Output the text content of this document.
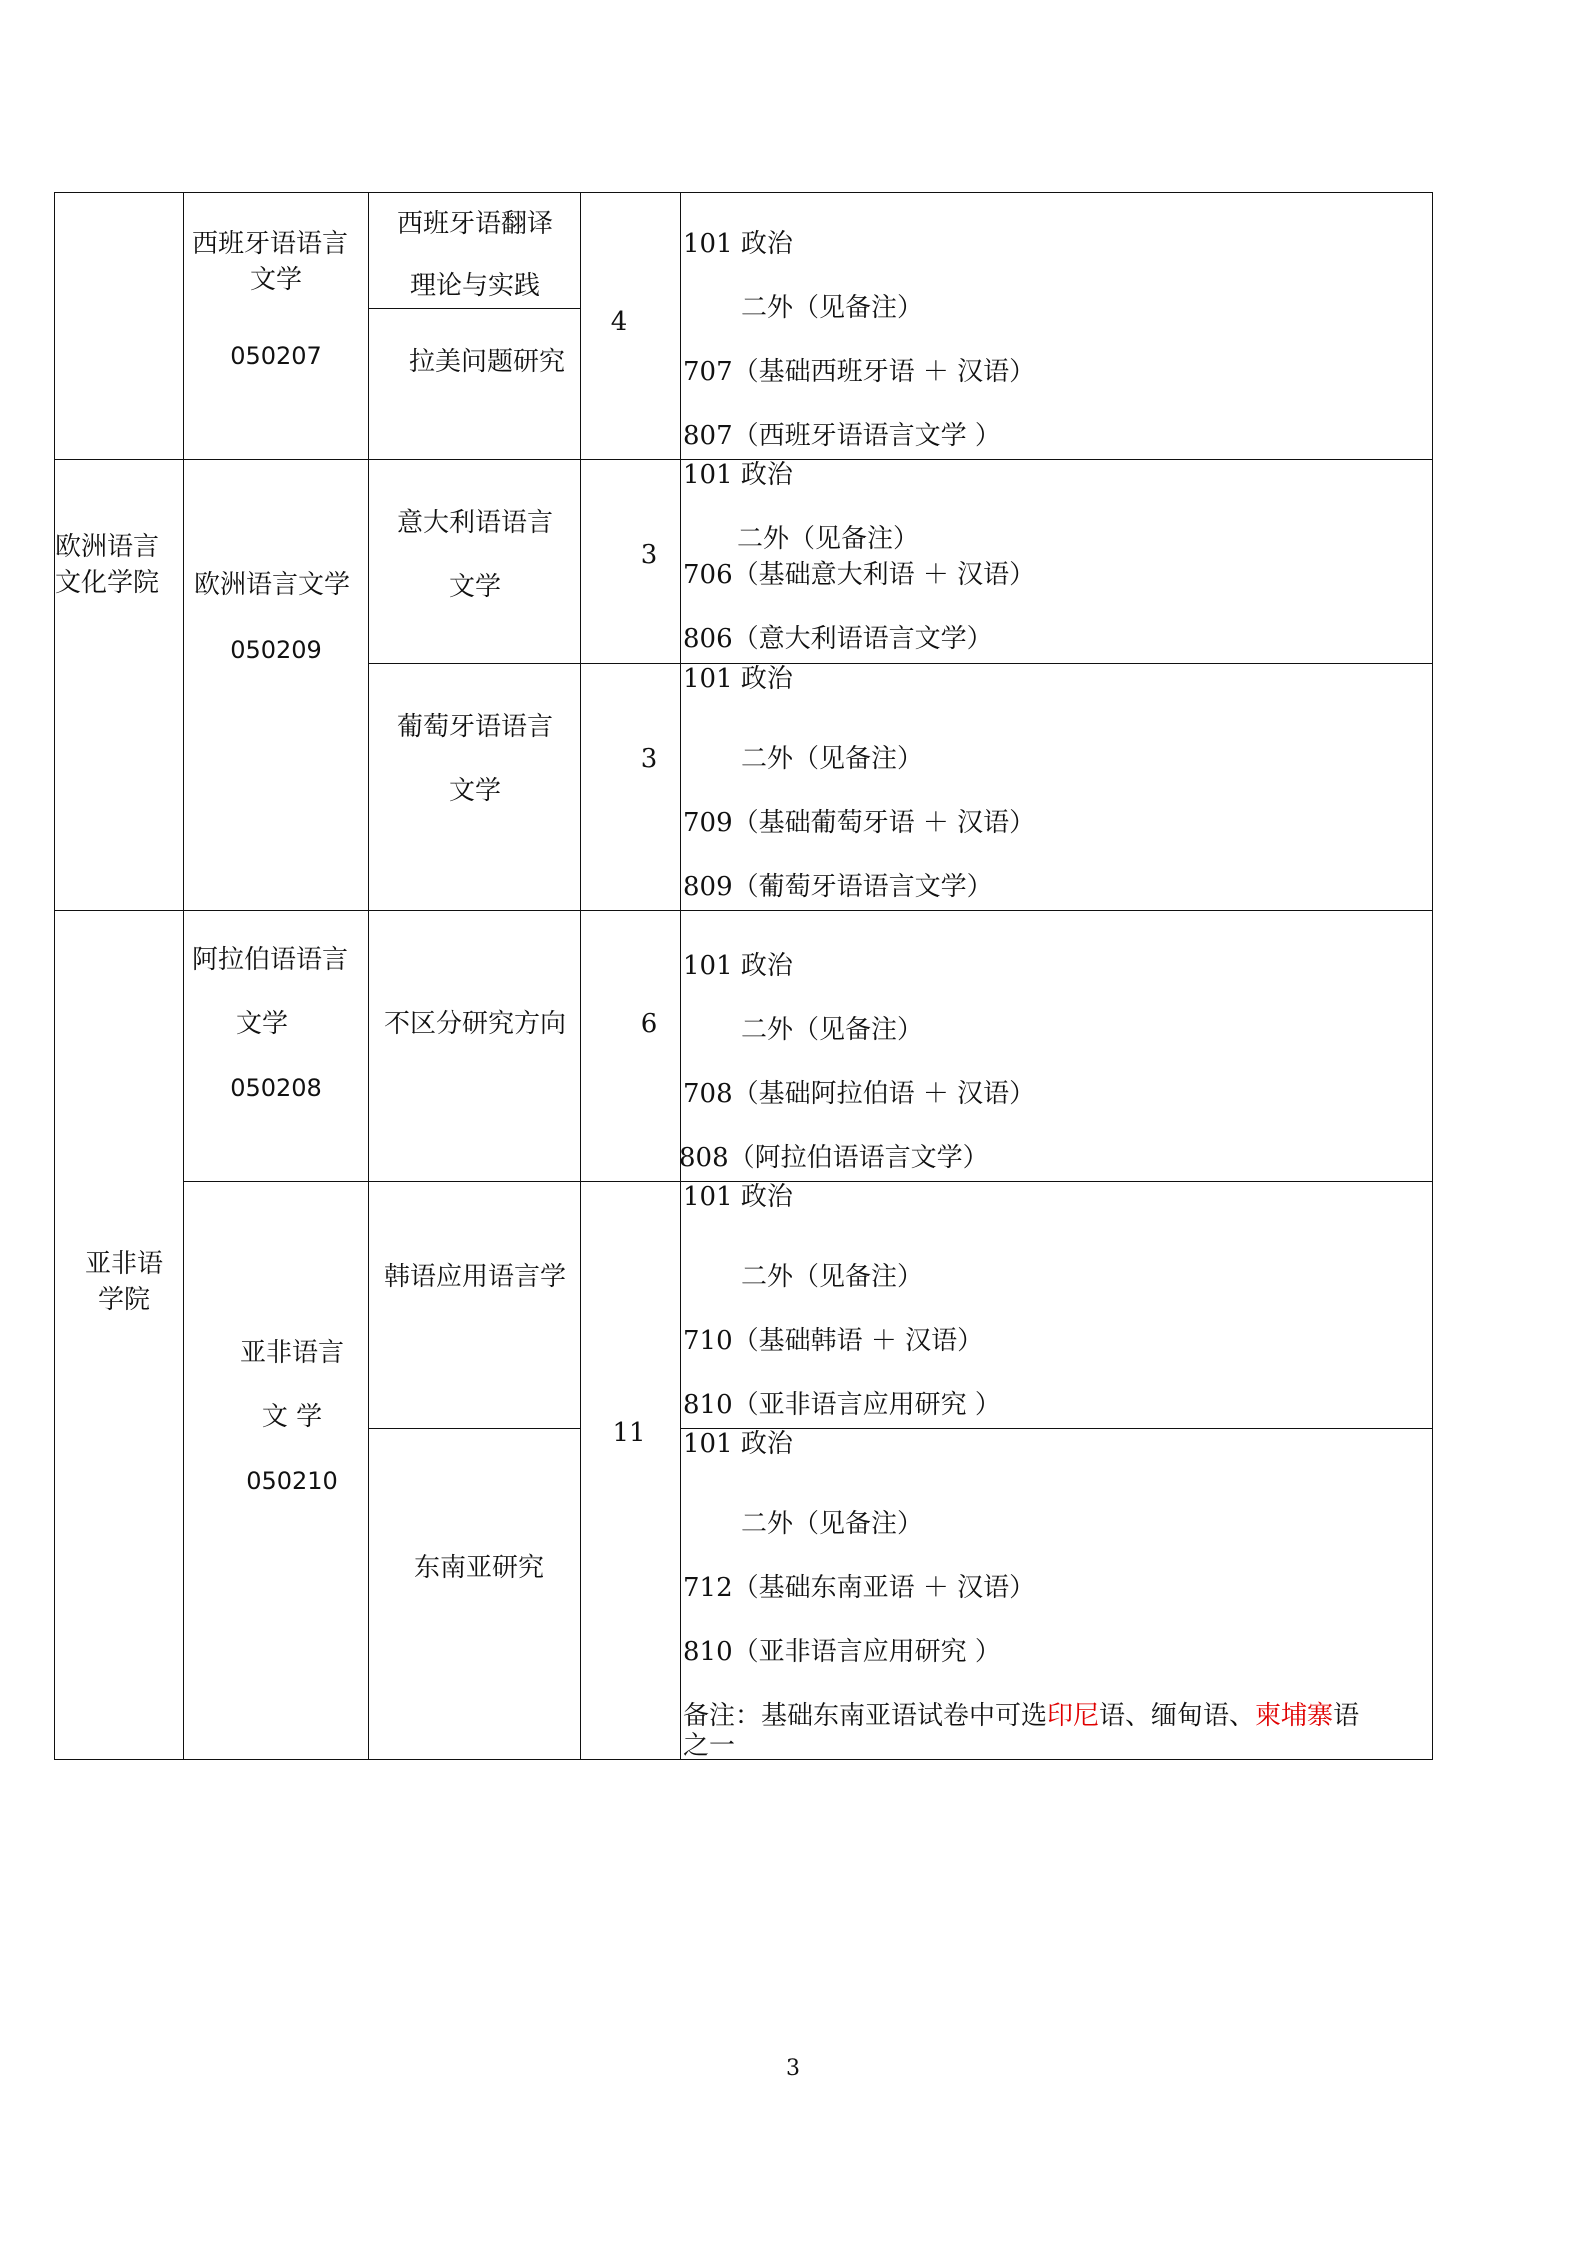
欧洲语言
文化学院
亚非语
学院
西班牙语语言
文学
050207
欧洲语言文学
050209
阿拉伯语语言
文学
050208
亚非语言
文 学
050210
西班牙语翻译
理论与实践
拉美问题研究
意大利语语言
文学
葡萄牙语语言
文学
不区分研究方向
韩语应用语言学
东南亚研究
4
3
3
6
11
101 政治
二外（见备注）
707（基础西班牙语 ＋ 汉语）
807（西班牙语语言文学 ）
101 政治
二外（见备注）
706（基础意大利语 ＋ 汉语）
806（意大利语语言文学）
101 政治
二外（见备注）
709（基础葡萄牙语 ＋ 汉语）
809（葡萄牙语语言文学）
101 政治
二外（见备注）
708（基础阿拉伯语 ＋ 汉语）
808（阿拉伯语语言文学）
101 政治
二外（见备注）
710（基础韩语 ＋ 汉语）
810（亚非语言应用研究 ）
101 政治
二外（见备注）
712（基础东南亚语 ＋ 汉语）
810（亚非语言应用研究 ）
备注：基础东南亚语试卷中可选印尼语、缅甸语、柬埔寨语
之一
3
